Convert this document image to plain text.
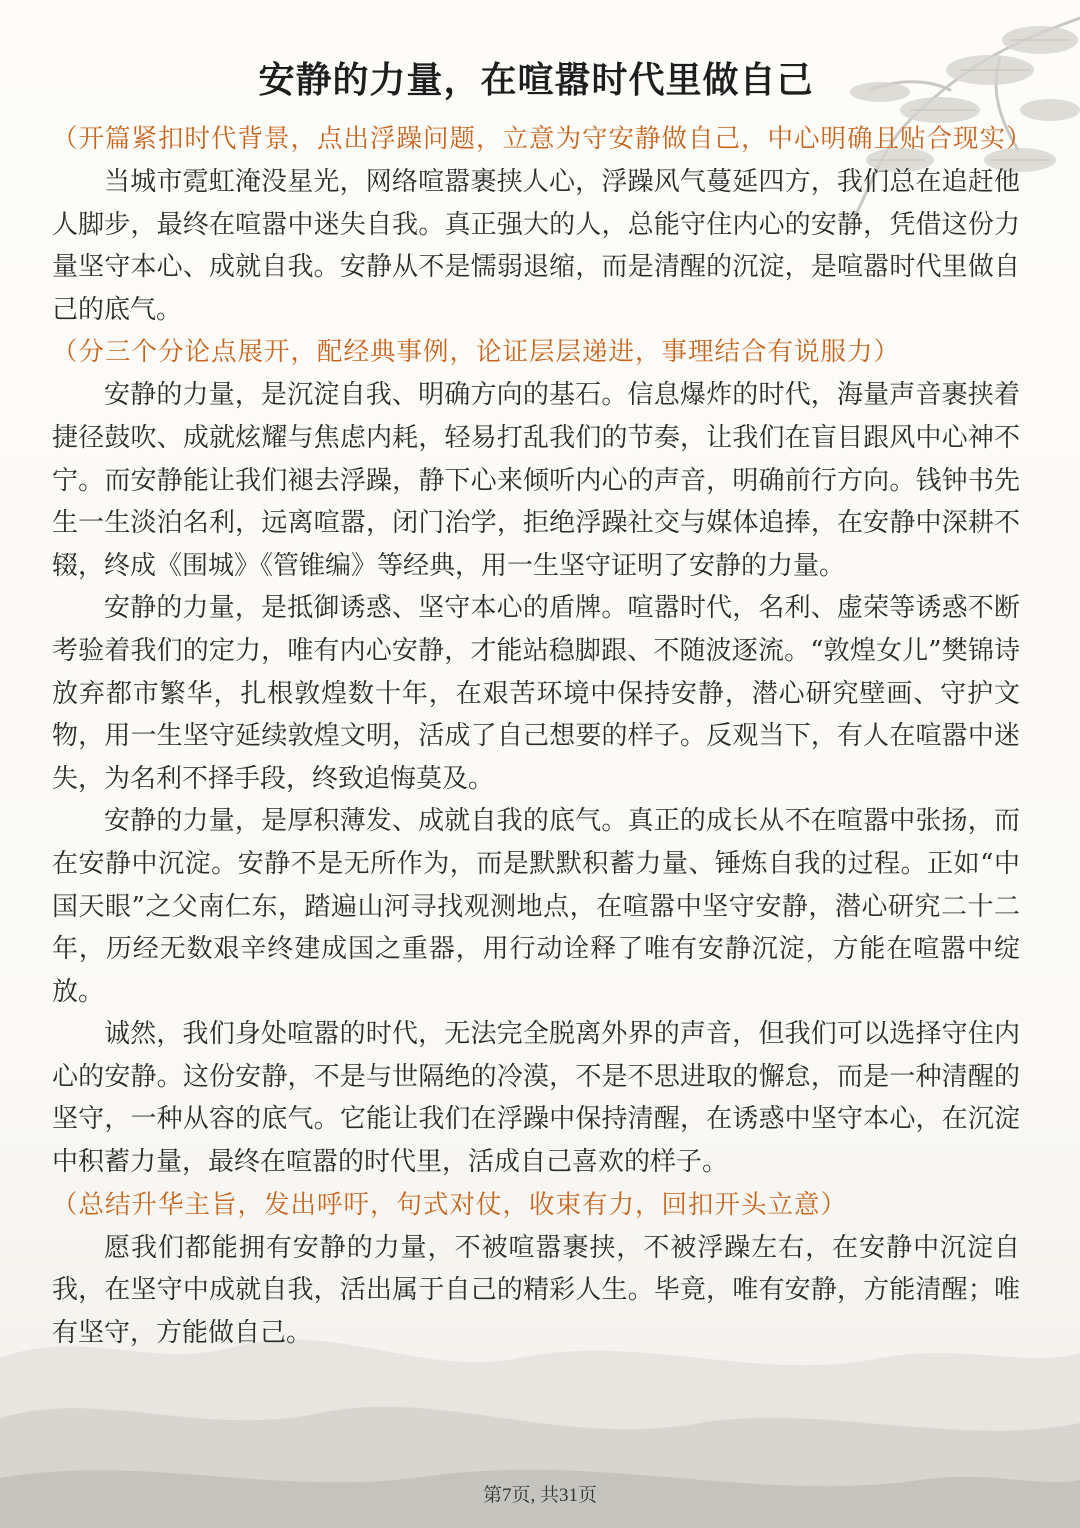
安静的力量，在喧嚣时代里做自己

（开篇紧扣时代背景，点出浮躁问题，立意为守安静做自己，中心明确且贴合现实）

当城市霓虹淹没星光，网络喧嚣裹挟人心，浮躁风气蔓延四方，我们总在追赶他人脚步，最终在喧嚣中迷失自我。真正强大的人，总能守住内心的安静，凭借这份力量坚守本心、成就自我。安静从不是懦弱退缩，而是清醒的沉淀，是喧嚣时代里做自己的底气。

（分三个分论点展开，配经典事例，论证层层递进，事理结合有说服力）

安静的力量，是沉淀自我、明确方向的基石。信息爆炸的时代，海量声音裹挟着捷径鼓吹、成就炫耀与焦虑内耗，轻易打乱我们的节奏，让我们在盲目跟风中心神不宁。而安静能让我们褪去浮躁，静下心来倾听内心的声音，明确前行方向。钱钟书先生一生淡泊名利，远离喧嚣，闭门治学，拒绝浮躁社交与媒体追捧，在安静中深耕不辍，终成《围城》《管锥编》等经典，用一生坚守证明了安静的力量。

安静的力量，是抵御诱惑、坚守本心的盾牌。喧嚣时代，名利、虚荣等诱惑不断考验着我们的定力，唯有内心安静，才能站稳脚跟、不随波逐流。“敦煌女儿”樊锦诗放弃都市繁华，扎根敦煌数十年，在艰苦环境中保持安静，潜心研究壁画、守护文物，用一生坚守延续敦煌文明，活成了自己想要的样子。反观当下，有人在喧嚣中迷失，为名利不择手段，终致追悔莫及。

安静的力量，是厚积薄发、成就自我的底气。真正的成长从不在喧嚣中张扬，而在安静中沉淀。安静不是无所作为，而是默默积蓄力量、锤炼自我的过程。正如“中国天眼”之父南仁东，踏遍山河寻找观测地点，在喧嚣中坚守安静，潜心研究二十二年，历经无数艰辛终建成国之重器，用行动诠释了唯有安静沉淀，方能在喧嚣中绽放。

诚然，我们身处喧嚣的时代，无法完全脱离外界的声音，但我们可以选择守住内心的安静。这份安静，不是与世隔绝的冷漠，不是不思进取的懈怠，而是一种清醒的坚守，一种从容的底气。它能让我们在浮躁中保持清醒，在诱惑中坚守本心，在沉淀中积蓄力量，最终在喧嚣的时代里，活成自己喜欢的样子。

（总结升华主旨，发出呼吁，句式对仗，收束有力，回扣开头立意）

愿我们都能拥有安静的力量，不被喧嚣裹挟，不被浮躁左右，在安静中沉淀自我，在坚守中成就自我，活出属于自己的精彩人生。毕竟，唯有安静，方能清醒；唯有坚守，方能做自己。

第7页, 共31页
